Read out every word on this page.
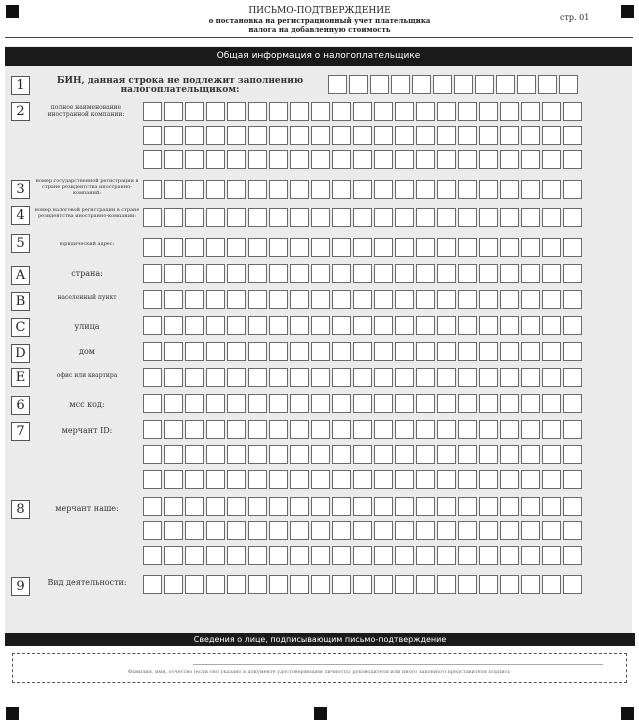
ПИСЬМО-ПОДТВЕРЖДЕНИЕ
о постановка на регистрационный учет плательщика
налога на добавленную стоимость
стр. 01
Общая информация о налогоплательщике
1
2
3
4
5
A
B
C
D
E
6
7
8
9
БИН, данная строка не подлежит заполнению налогоплательщиком:
полное наименование иностранной компании:
номер государственной регистрации в стране резидентства иностранно-компаний:
номер налоговой регистрации в стране резидентства иностранно-компании:
юридический адрес:
страна:
населенный пункт
улица
дом
офис или квартира
мсс код:
мерчант ID:
мерчант наше:
Вид деятельности:
Сведения о лице, подписывающим письмо-подтверждение
Фамилия, имя, отчество (если оно указано в документе удостоверяющем личность) руководителя или иного законного представителя подпись
